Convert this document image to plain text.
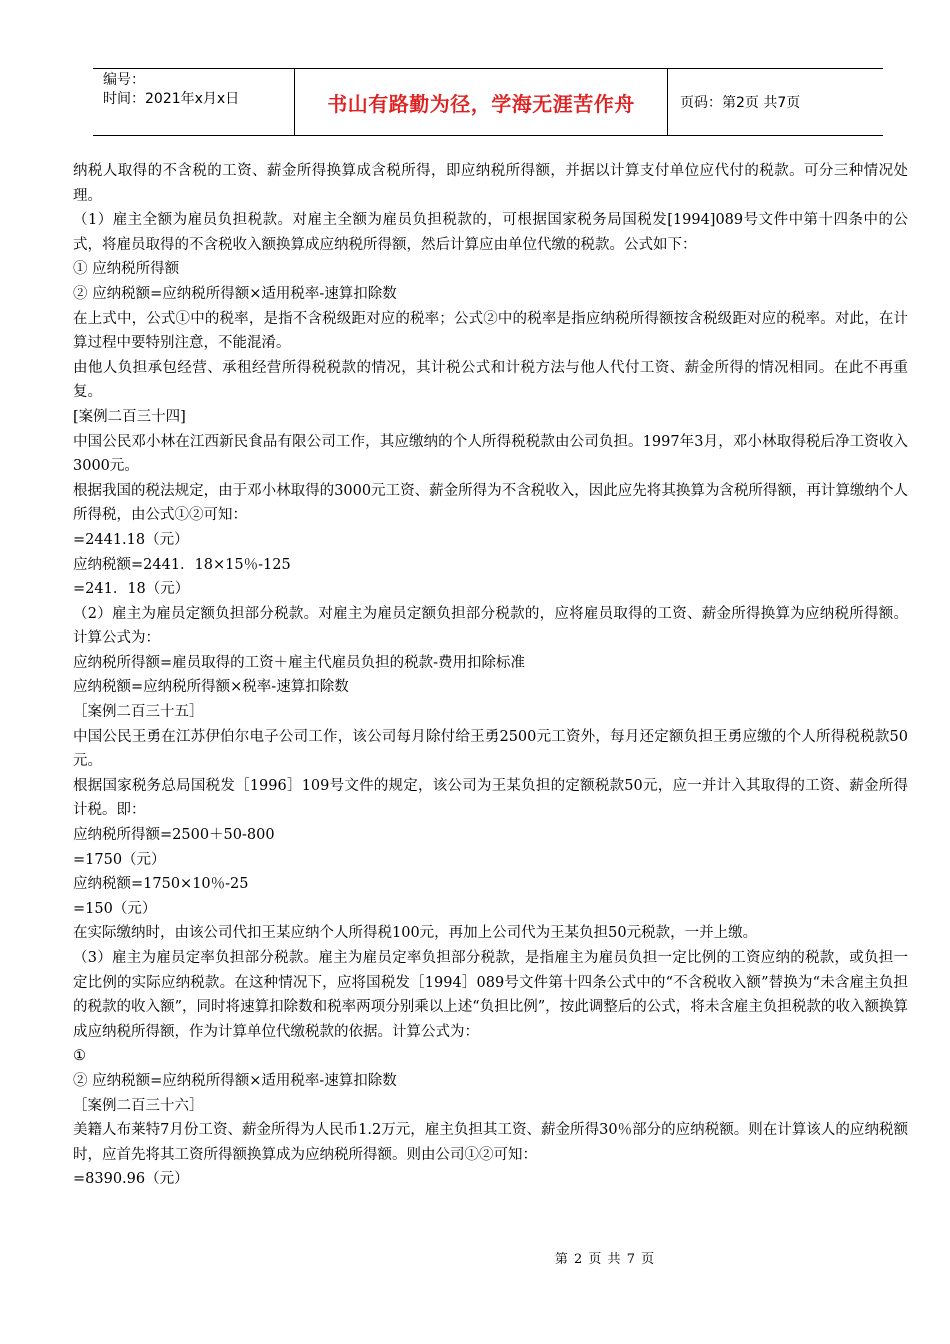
编号：
时间：2021年x月x日	书山有路勤为径，学海无涯苦作舟	页码：第2页 共7页

纳税人取得的不含税的工资、薪金所得换算成含税所得，即应纳税所得额，并据以计算支付单位应代付的税款。可分三种情况处理。

（1）雇主全额为雇员负担税款。对雇主全额为雇员负担税款的，可根据国家税务局国税发[1994]089号文件中第十四条中的公式，将雇员取得的不含税收入额换算成应纳税所得额，然后计算应由单位代缴的税款。公式如下：

① 应纳税所得额

② 应纳税额=应纳税所得额×适用税率-速算扣除数

在上式中，公式①中的税率，是指不含税级距对应的税率；公式②中的税率是指应纳税所得额按含税级距对应的税率。对此，在计算过程中要特别注意，不能混淆。

由他人负担承包经营、承租经营所得税税款的情况，其计税公式和计税方法与他人代付工资、薪金所得的情况相同。在此不再重复。

[案例二百三十四]

中国公民邓小林在江西新民食品有限公司工作，其应缴纳的个人所得税税款由公司负担。1997年3月，邓小林取得税后净工资收入3000元。

根据我国的税法规定，由于邓小林取得的3000元工资、薪金所得为不含税收入，因此应先将其换算为含税所得额，再计算缴纳个人所得税，由公式①②可知：

=2441.18（元）

应纳税额=2441．18×15％-125

=241．18（元）

（2）雇主为雇员定额负担部分税款。对雇主为雇员定额负担部分税款的，应将雇员取得的工资、薪金所得换算为应纳税所得额。计算公式为：

应纳税所得额=雇员取得的工资＋雇主代雇员负担的税款-费用扣除标准

应纳税额=应纳税所得额×税率-速算扣除数

［案例二百三十五］

中国公民王勇在江苏伊伯尔电子公司工作，该公司每月除付给王勇2500元工资外，每月还定额负担王勇应缴的个人所得税税款50元。

根据国家税务总局国税发［1996］109号文件的规定，该公司为王某负担的定额税款50元，应一并计入其取得的工资、薪金所得计税。即：

应纳税所得额=2500＋50-800

=1750（元）

应纳税额=1750×10％-25

=150（元）

在实际缴纳时，由该公司代扣王某应纳个人所得税100元，再加上公司代为王某负担50元税款，一并上缴。

（3）雇主为雇员定率负担部分税款。雇主为雇员定率负担部分税款，是指雇主为雇员负担一定比例的工资应纳的税款，或负担一定比例的实际应纳税款。在这种情况下，应将国税发［1994］089号文件第十四条公式中的“不含税收入额”替换为“未含雇主负担的税款的收入额”，同时将速算扣除数和税率两项分别乘以上述“负担比例”，按此调整后的公式，将未含雇主负担税款的收入额换算成应纳税所得额，作为计算单位代缴税款的依据。计算公式为：

①

② 应纳税额=应纳税所得额×适用税率-速算扣除数

［案例二百三十六］

美籍人布莱特7月份工资、薪金所得为人民币1.2万元，雇主负担其工资、薪金所得30％部分的应纳税额。则在计算该人的应纳税额时，应首先将其工资所得额换算成为应纳税所得额。则由公司①②可知：

=8390.96（元）

第 2 页 共 7 页
